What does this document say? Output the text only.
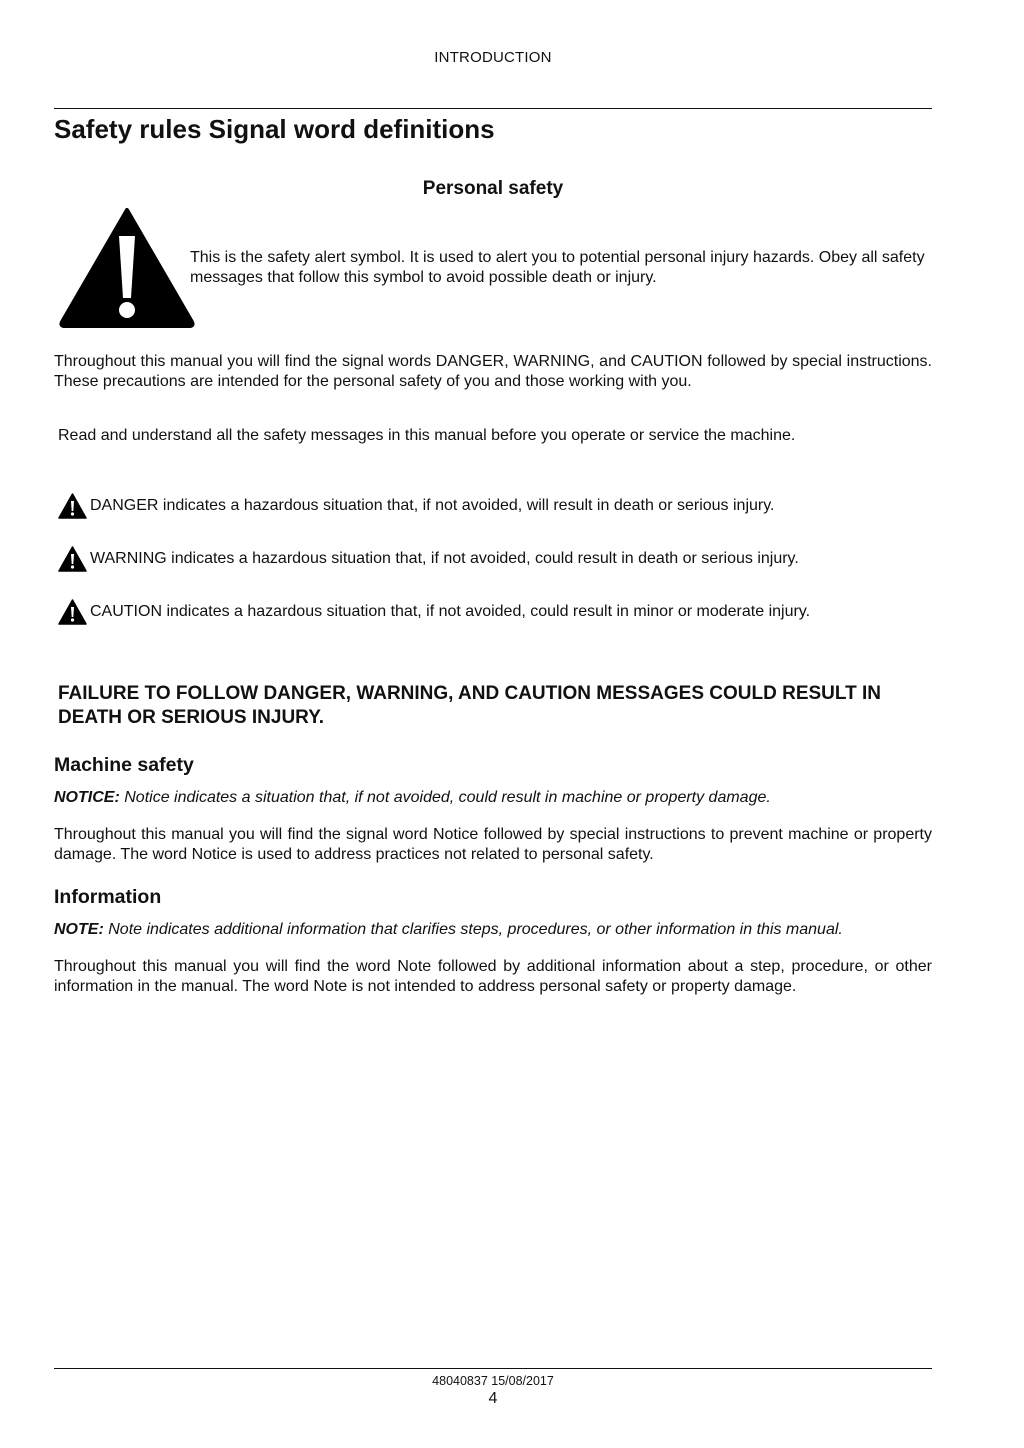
INTRODUCTION
Safety rules Signal word definitions
Personal safety
This is the safety alert symbol. It is used to alert you to potential personal injury hazards. Obey all safety messages that follow this symbol to avoid possible death or injury.
Throughout this manual you will find the signal words DANGER, WARNING, and CAUTION followed by special instructions. These precautions are intended for the personal safety of you and those working with you.
Read and understand all the safety messages in this manual before you operate or service the machine.
DANGER indicates a hazardous situation that, if not avoided, will result in death or serious injury.
WARNING indicates a hazardous situation that, if not avoided, could result in death or serious injury.
CAUTION indicates a hazardous situation that, if not avoided, could result in minor or moderate injury.
FAILURE TO FOLLOW DANGER, WARNING, AND CAUTION MESSAGES COULD RESULT IN DEATH OR SERIOUS INJURY.
Machine safety
NOTICE: Notice indicates a situation that, if not avoided, could result in machine or property damage.
Throughout this manual you will find the signal word Notice followed by special instructions to prevent machine or property damage. The word Notice is used to address practices not related to personal safety.
Information
NOTE: Note indicates additional information that clarifies steps, procedures, or other information in this manual.
Throughout this manual you will find the word Note followed by additional information about a step, procedure, or other information in the manual. The word Note is not intended to address personal safety or property damage.
48040837 15/08/2017
4
